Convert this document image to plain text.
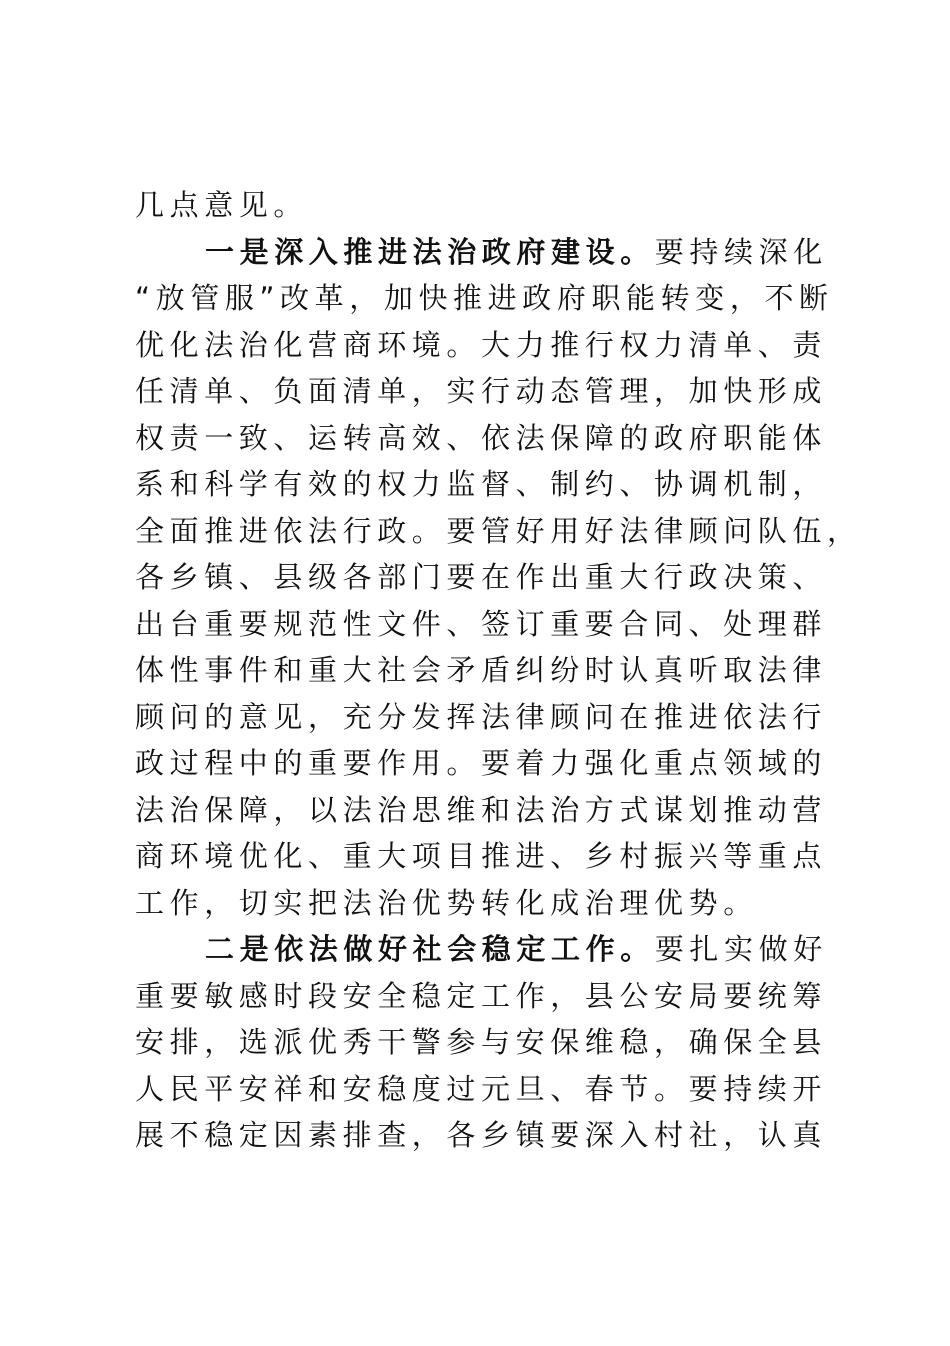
几点意见。
一是深入推进法治政府建设。要持续深化
“放管服”改革，加快推进政府职能转变，不断
优化法治化营商环境。大力推行权力清单、责
任清单、负面清单，实行动态管理，加快形成
权责一致、运转高效、依法保障的政府职能体
系和科学有效的权力监督、制约、协调机制，
全面推进依法行政。要管好用好法律顾问队伍，
各乡镇、县级各部门要在作出重大行政决策、
出台重要规范性文件、签订重要合同、处理群
体性事件和重大社会矛盾纠纷时认真听取法律
顾问的意见，充分发挥法律顾问在推进依法行
政过程中的重要作用。要着力强化重点领域的
法治保障，以法治思维和法治方式谋划推动营
商环境优化、重大项目推进、乡村振兴等重点
工作，切实把法治优势转化成治理优势。
二是依法做好社会稳定工作。要扎实做好
重要敏感时段安全稳定工作，县公安局要统筹
安排，选派优秀干警参与安保维稳，确保全县
人民平安祥和安稳度过元旦、春节。要持续开
展不稳定因素排查，各乡镇要深入村社，认真
